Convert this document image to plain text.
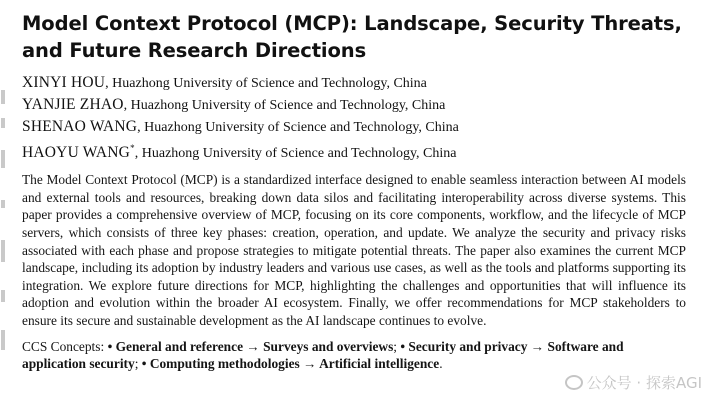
Model Context Protocol (MCP): Landscape, Security Threats, and Future Research Directions
XINYI HOU, Huazhong University of Science and Technology, China
YANJIE ZHAO, Huazhong University of Science and Technology, China
SHENAO WANG, Huazhong University of Science and Technology, China
HAOYU WANG*, Huazhong University of Science and Technology, China

The Model Context Protocol (MCP) is a standardized interface designed to enable seamless interaction between AI models and external tools and resources, breaking down data silos and facilitating interoperability across diverse systems. This paper provides a comprehensive overview of MCP, focusing on its core components, workflow, and the lifecycle of MCP servers, which consists of three key phases: creation, operation, and update. We analyze the security and privacy risks associated with each phase and propose strategies to mitigate potential threats. The paper also examines the current MCP landscape, including its adoption by industry leaders and various use cases, as well as the tools and platforms supporting its integration. We explore future directions for MCP, highlighting the challenges and opportunities that will influence its adoption and evolution within the broader AI ecosystem. Finally, we offer recommendations for MCP stakeholders to ensure its secure and sustainable development as the AI landscape continues to evolve.

CCS Concepts: • General and reference → Surveys and overviews; • Security and privacy → Software and application security; • Computing methodologies → Artificial intelligence.

公众号 · 探索AGI
